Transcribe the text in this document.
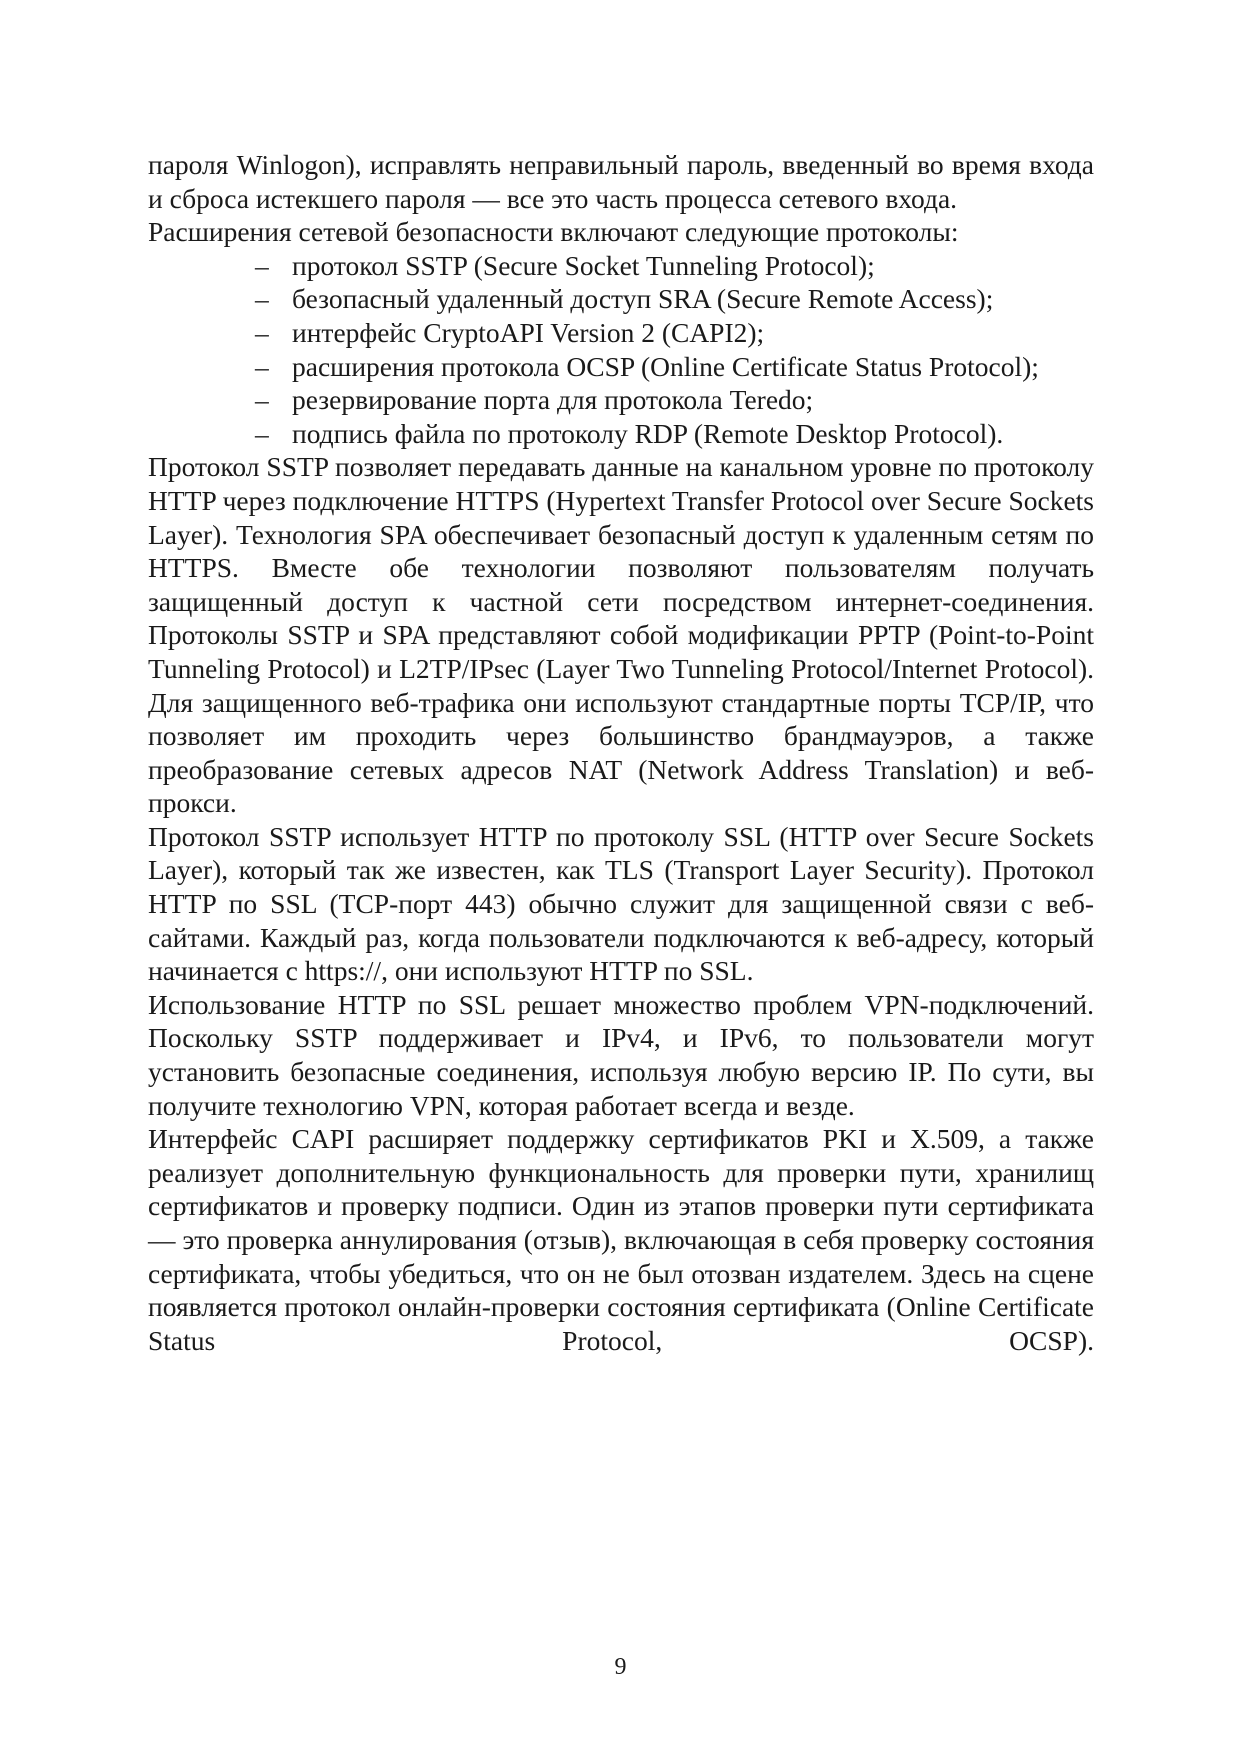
пароля Winlogon), исправлять неправильный пароль, введенный во время входа и сброса истекшего пароля — все это часть процесса сетевого входа.

Расширения сетевой безопасности включают следующие протоколы:

– протокол SSTP (Secure Socket Tunneling Protocol);
– безопасный удаленный доступ SRA (Secure Remote Access);
– интерфейс CryptoAPI Version 2 (CAPI2);
– расширения протокола OCSP (Online Certificate Status Protocol);
– резервирование порта для протокола Teredo;
– подпись файла по протоколу RDP (Remote Desktop Protocol).

Протокол SSTP позволяет передавать данные на канальном уровне по протоколу HTTP через подключение HTTPS (Hypertext Transfer Protocol over Secure Sockets Layer). Технология SPA обеспечивает безопасный доступ к удаленным сетям по HTTPS. Вместе обе технологии позволяют пользователям получать защищенный доступ к частной сети посредством интернет-соединения. Протоколы SSTP и SPA представляют собой модификации PPTP (Point-to-Point Tunneling Protocol) и L2TP/IPsec (Layer Two Tunneling Protocol/Internet Protocol). Для защищенного веб-трафика они используют стандартные порты TCP/IP, что позволяет им проходить через большинство брандмауэров, а также преобразование сетевых адресов NAT (Network Address Translation) и веб-прокси.

Протокол SSTP использует HTTP по протоколу SSL (HTTP over Secure Sockets Layer), который так же известен, как TLS (Transport Layer Security). Протокол HTTP по SSL (TCP-порт 443) обычно служит для защищенной связи с веб-сайтами. Каждый раз, когда пользователи подключаются к веб-адресу, который начинается с https://, они используют HTTP по SSL.

Использование HTTP по SSL решает множество проблем VPN-подключений. Поскольку SSTP поддерживает и IPv4, и IPv6, то пользователи могут установить безопасные соединения, используя любую версию IP. По сути, вы получите технологию VPN, которая работает всегда и везде.

Интерфейс CAPI расширяет поддержку сертификатов PKI и X.509, а также реализует дополнительную функциональность для проверки пути, хранилищ сертификатов и проверку подписи. Один из этапов проверки пути сертификата — это проверка аннулирования (отзыв), включающая в себя проверку состояния сертификата, чтобы убедиться, что он не был отозван издателем. Здесь на сцене появляется протокол онлайн-проверки состояния сертификата (Online Certificate Status Protocol, OCSP).

9
